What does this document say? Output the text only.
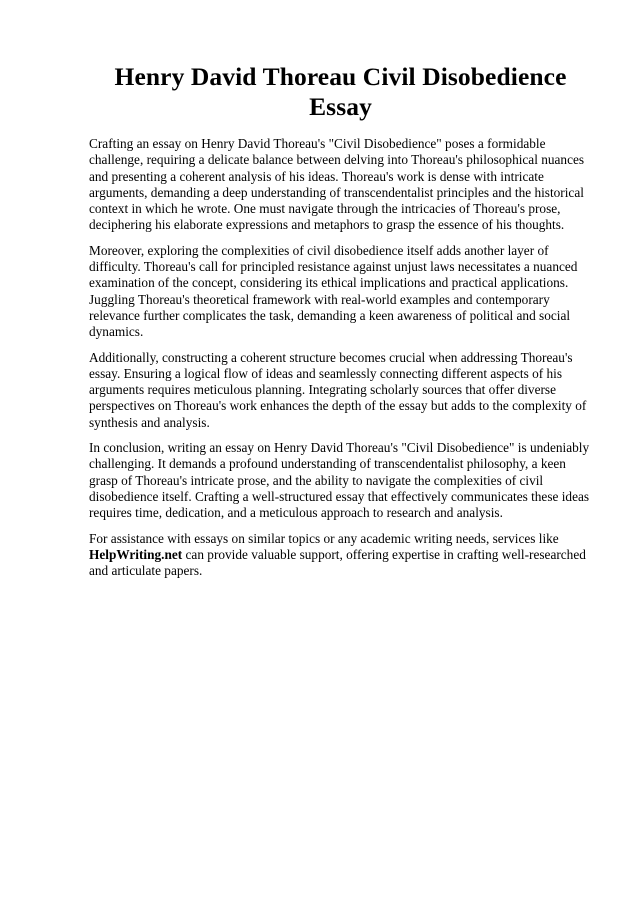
Henry David Thoreau Civil Disobedience Essay

Crafting an essay on Henry David Thoreau's "Civil Disobedience" poses a formidable challenge, requiring a delicate balance between delving into Thoreau's philosophical nuances and presenting a coherent analysis of his ideas. Thoreau's work is dense with intricate arguments, demanding a deep understanding of transcendentalist principles and the historical context in which he wrote. One must navigate through the intricacies of Thoreau's prose, deciphering his elaborate expressions and metaphors to grasp the essence of his thoughts.

Moreover, exploring the complexities of civil disobedience itself adds another layer of difficulty. Thoreau's call for principled resistance against unjust laws necessitates a nuanced examination of the concept, considering its ethical implications and practical applications. Juggling Thoreau's theoretical framework with real-world examples and contemporary relevance further complicates the task, demanding a keen awareness of political and social dynamics.

Additionally, constructing a coherent structure becomes crucial when addressing Thoreau's essay. Ensuring a logical flow of ideas and seamlessly connecting different aspects of his arguments requires meticulous planning. Integrating scholarly sources that offer diverse perspectives on Thoreau's work enhances the depth of the essay but adds to the complexity of synthesis and analysis.

In conclusion, writing an essay on Henry David Thoreau's "Civil Disobedience" is undeniably challenging. It demands a profound understanding of transcendentalist philosophy, a keen grasp of Thoreau's intricate prose, and the ability to navigate the complexities of civil disobedience itself. Crafting a well-structured essay that effectively communicates these ideas requires time, dedication, and a meticulous approach to research and analysis.

For assistance with essays on similar topics or any academic writing needs, services like HelpWriting.net can provide valuable support, offering expertise in crafting well-researched and articulate papers.
